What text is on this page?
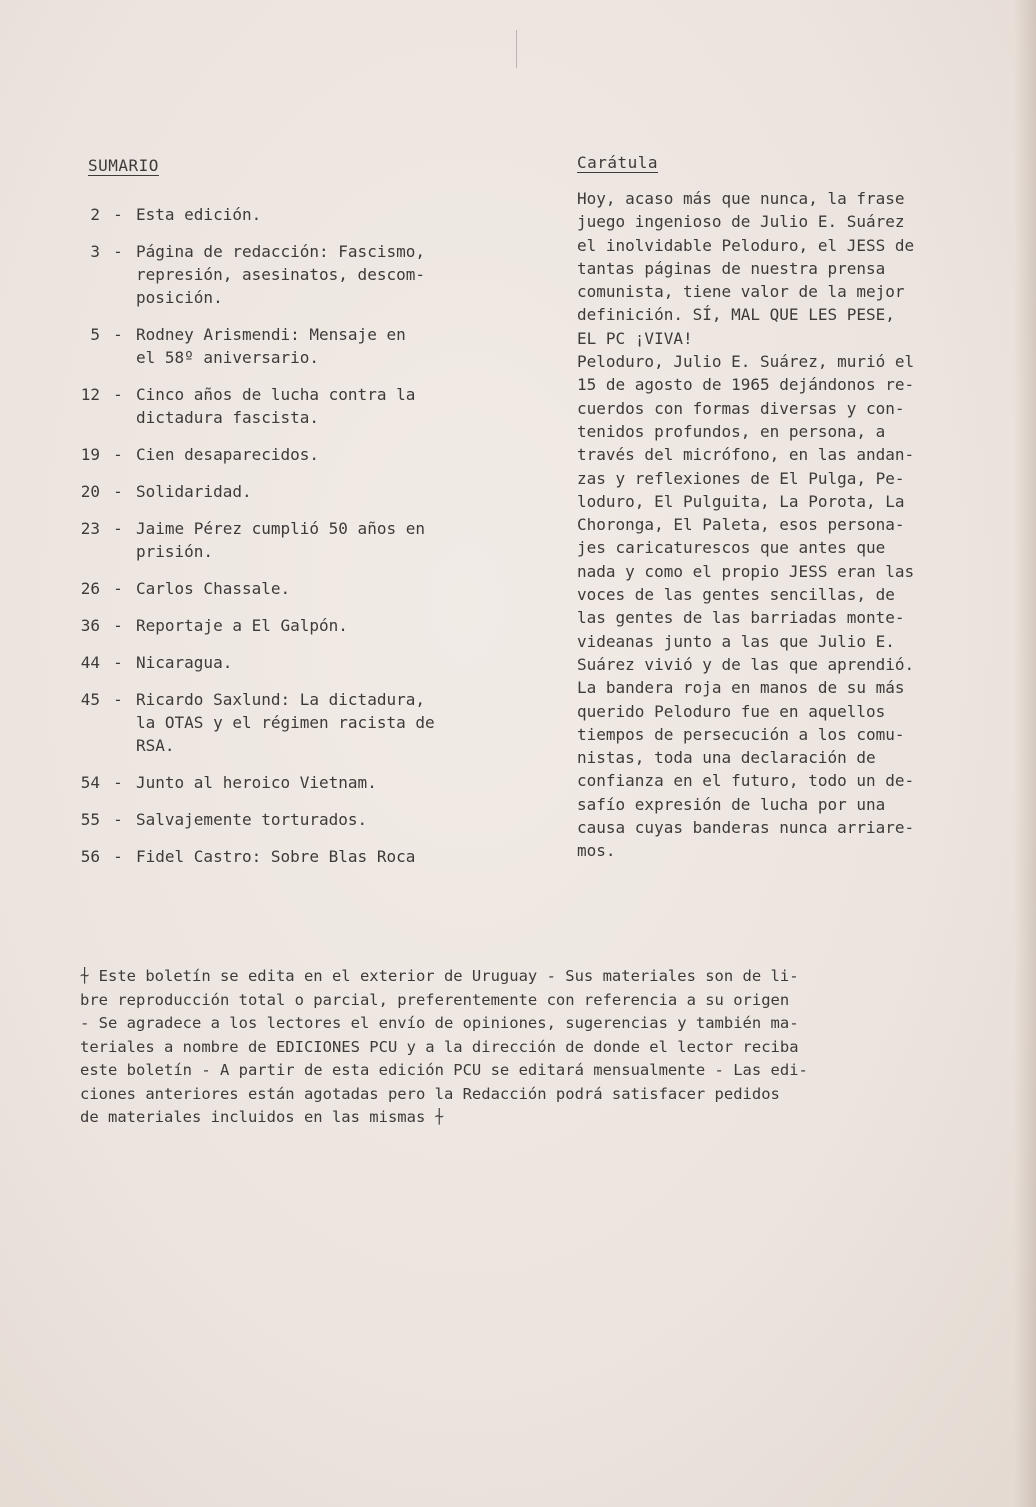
SUMARIO
2 - Esta edición.
3 - Página de redacción: Fascismo,
represión, asesinatos, descom-
posición.
5 - Rodney Arismendi: Mensaje en
el 58º aniversario.
12 - Cinco años de lucha contra la
dictadura fascista.
19 - Cien desaparecidos.
20 - Solidaridad.
23 - Jaime Pérez cumplió 50 años en
prisión.
26 - Carlos Chassale.
36 - Reportaje a El Galpón.
44 - Nicaragua.
45 - Ricardo Saxlund: La dictadura,
la OTAS y el régimen racista de
RSA.
54 - Junto al heroico Vietnam.
55 - Salvajemente torturados.
56 - Fidel Castro: Sobre Blas Roca
Carátula

Hoy, acaso más que nunca, la frase
juego ingenioso de Julio E. Suárez
el inolvidable Peloduro, el JESS de
tantas páginas de nuestra prensa
comunista, tiene valor de la mejor
definición. SÍ, MAL QUE LES PESE,
EL PC ¡VIVA!
Peloduro, Julio E. Suárez, murió el
15 de agosto de 1965 dejándonos re-
cuerdos con formas diversas y con-
tenidos profundos, en persona, a
través del micrófono, en las andan-
zas y reflexiones de El Pulga, Pe-
loduro, El Pulguita, La Porota, La
Choronga, El Paleta, esos persona-
jes caricaturescos que antes que
nada y como el propio JESS eran las
voces de las gentes sencillas, de
las gentes de las barriadas monte-
videanas junto a las que Julio E.
Suárez vivió y de las que aprendió.
La bandera roja en manos de su más
querido Peloduro fue en aquellos
tiempos de persecución a los comu-
nistas, toda una declaración de
confianza en el futuro, todo un de-
safío expresión de lucha por una
causa cuyas banderas nunca arriare-
mos.

⍭ Este boletín se edita en el exterior de Uruguay - Sus materiales son de li-
bre reproducción total o parcial, preferentemente con referencia a su origen
- Se agradece a los lectores el envío de opiniones, sugerencias y también ma-
teriales a nombre de EDICIONES PCU y a la dirección de donde el lector reciba
este boletín - A partir de esta edición PCU se editará mensualmente - Las edi-
ciones anteriores están agotadas pero la Redacción podrá satisfacer pedidos
de materiales incluidos en las mismas ⍭
